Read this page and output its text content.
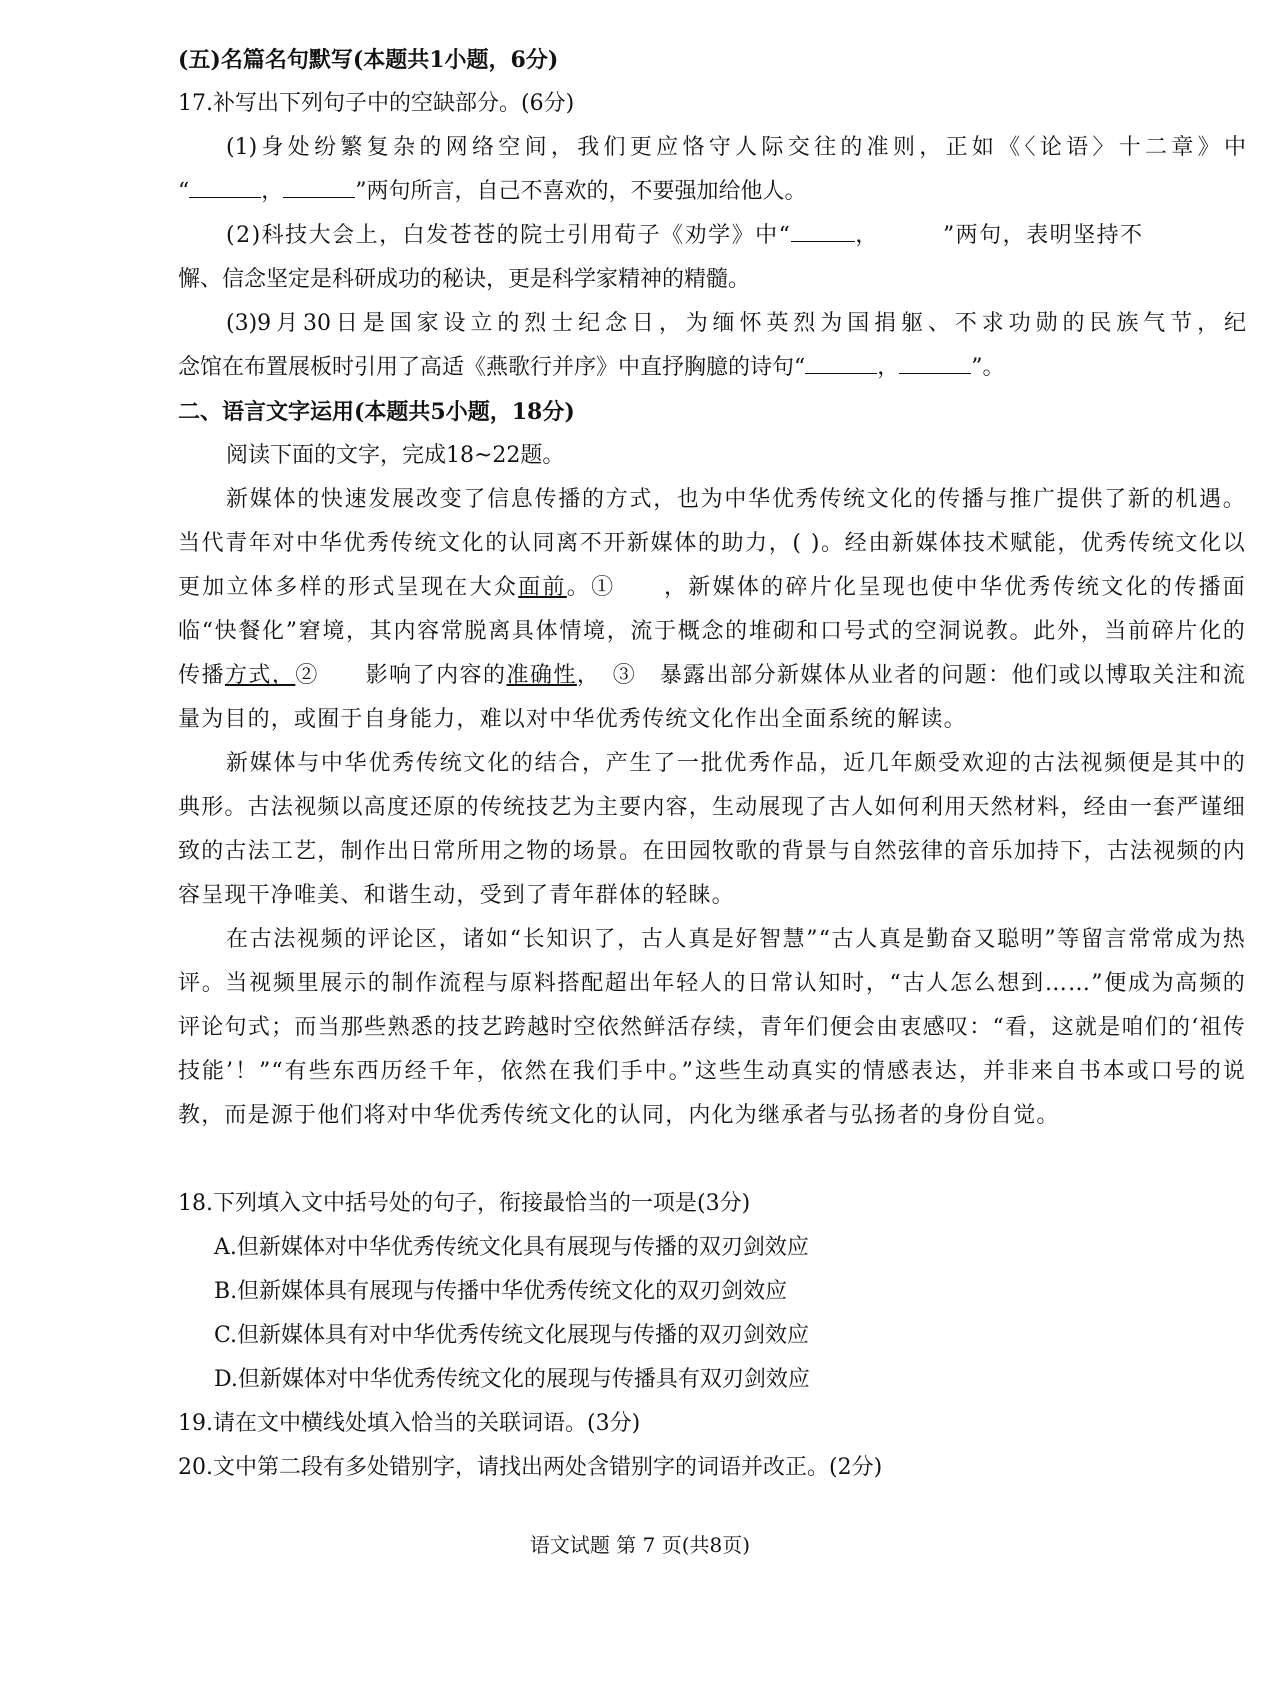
(五)名篇名句默写(本题共1小题，6分)
17.补写出下列句子中的空缺部分。(6分)
(1)身处纷繁复杂的网络空间，我们更应恪守人际交往的准则，正如《〈论语〉十二章》中
“	，	”两句所言，自己不喜欢的，不要强加给他人。
(2)科技大会上，白发苍苍的院士引用荀子《劝学》中“	，	”两句，表明坚持不
懈、信念坚定是科研成功的秘诀，更是科学家精神的精髓。
(3)9月30日是国家设立的烈士纪念日，为缅怀英烈为国捐躯、不求功勋的民族气节，纪
念馆在布置展板时引用了高适《燕歌行并序》中直抒胸臆的诗句“	，	”。
二、语言文字运用(本题共5小题，18分)
阅读下面的文字，完成18~22题。
新媒体的快速发展改变了信息传播的方式，也为中华优秀传统文化的传播与推广提供了新的机遇。当代青年对中华优秀传统文化的认同离不开新媒体的助力，( )。经由新媒体技术赋能，优秀传统文化以更加立体多样的形式呈现在大众面前。①　　，新媒体的碎片化呈现也使中华优秀传统文化的传播面临“快餐化”窘境，其内容常脱离具体情境，流于概念的堆砌和口号式的空洞说教。此外，当前碎片化的传播方式，②　　影响了内容的准确性，　③　暴露出部分新媒体从业者的问题：他们或以博取关注和流量为目的，或囿于自身能力，难以对中华优秀传统文化作出全面系统的解读。
新媒体与中华优秀传统文化的结合，产生了一批优秀作品，近几年颇受欢迎的古法视频便是其中的典形。古法视频以高度还原的传统技艺为主要内容，生动展现了古人如何利用天然材料，经由一套严谨细致的古法工艺，制作出日常所用之物的场景。在田园牧歌的背景与自然弦律的音乐加持下，古法视频的内容呈现干净唯美、和谐生动，受到了青年群体的轻睐。
在古法视频的评论区，诸如“长知识了，古人真是好智慧”“古人真是勤奋又聪明”等留言常常成为热评。当视频里展示的制作流程与原料搭配超出年轻人的日常认知时，“古人怎么想到……”便成为高频的评论句式；而当那些熟悉的技艺跨越时空依然鲜活存续，青年们便会由衷感叹：“看，这就是咱们的‘祖传技能’！”“有些东西历经千年，依然在我们手中。”这些生动真实的情感表达，并非来自书本或口号的说教，而是源于他们将对中华优秀传统文化的认同，内化为继承者与弘扬者的身份自觉。
18.下列填入文中括号处的句子，衔接最恰当的一项是(3分)
A.但新媒体对中华优秀传统文化具有展现与传播的双刃剑效应
B.但新媒体具有展现与传播中华优秀传统文化的双刃剑效应
C.但新媒体具有对中华优秀传统文化展现与传播的双刃剑效应
D.但新媒体对中华优秀传统文化的展现与传播具有双刃剑效应
19.请在文中横线处填入恰当的关联词语。(3分)
20.文中第二段有多处错别字，请找出两处含错别字的词语并改正。(2分)
语文试题 第 7 页(共8页)
